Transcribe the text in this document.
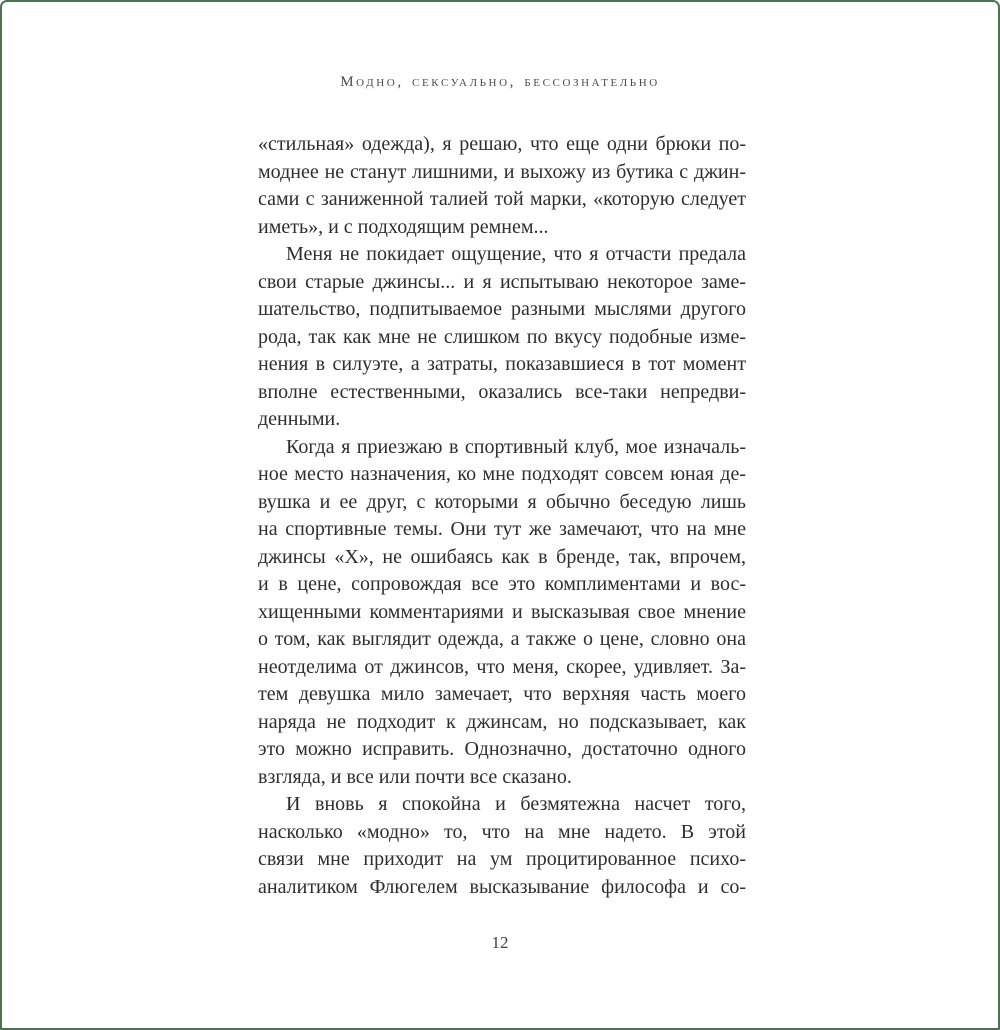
Модно, сексуально, бессознательно

«стильная» одежда), я решаю, что еще одни брюки по-
моднее не станут лишними, и выхожу из бутика с джин-
сами с заниженной талией той марки, «которую следует
иметь», и с подходящим ремнем...

Меня не покидает ощущение, что я отчасти предала
свои старые джинсы... и я испытываю некоторое заме-
шательство, подпитываемое разными мыслями другого
рода, так как мне не слишком по вкусу подобные изме-
нения в силуэте, а затраты, показавшиеся в тот момент
вполне естественными, оказались все-таки непредви-
денными.

Когда я приезжаю в спортивный клуб, мое изначаль-
ное место назначения, ко мне подходят совсем юная де-
вушка и ее друг, с которыми я обычно беседую лишь
на спортивные темы. Они тут же замечают, что на мне
джинсы «Х», не ошибаясь как в бренде, так, впрочем,
и в цене, сопровождая все это комплиментами и вос-
хищенными комментариями и высказывая свое мнение
о том, как выглядит одежда, а также о цене, словно она
неотделима от джинсов, что меня, скорее, удивляет. За-
тем девушка мило замечает, что верхняя часть моего
наряда не подходит к джинсам, но подсказывает, как
это можно исправить. Однозначно, достаточно одного
взгляда, и все или почти все сказано.

И вновь я спокойна и безмятежна насчет того,
насколько «модно» то, что на мне надето. В этой
связи мне приходит на ум процитированное психо-
аналитиком Флюгелем высказывание философа и со-

12
